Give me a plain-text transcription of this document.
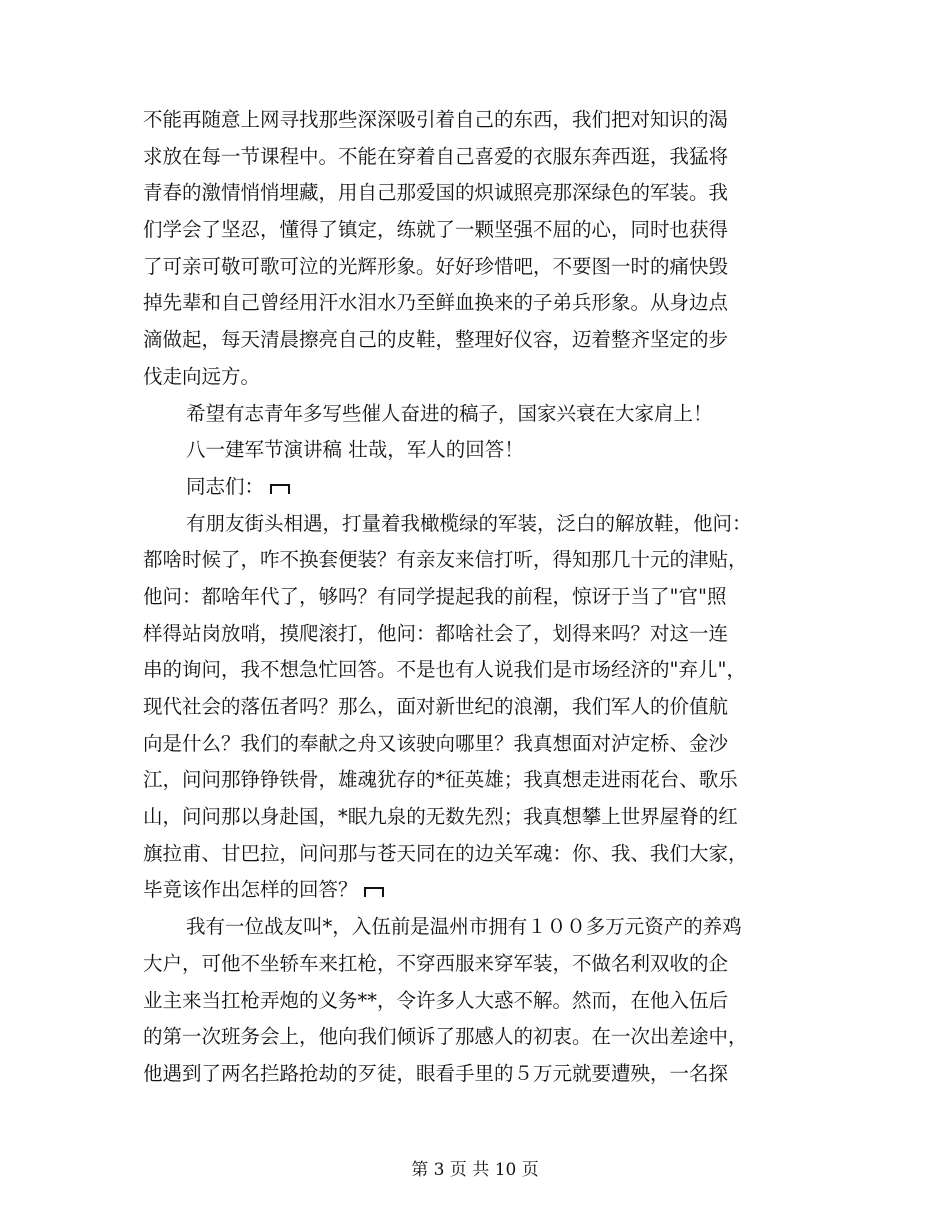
不能再随意上网寻找那些深深吸引着自己的东西，我们把对知识的渴
求放在每一节课程中。不能在穿着自己喜爱的衣服东奔西逛，我猛将
青春的激情悄悄埋藏，用自己那爱国的炽诚照亮那深绿色的军装。我
们学会了坚忍，懂得了镇定，练就了一颗坚强不屈的心，同时也获得
了可亲可敬可歌可泣的光辉形象。好好珍惜吧，不要图一时的痛快毁
掉先辈和自己曾经用汗水泪水乃至鲜血换来的子弟兵形象。从身边点
滴做起，每天清晨擦亮自己的皮鞋，整理好仪容，迈着整齐坚定的步
伐走向远方。
希望有志青年多写些催人奋进的稿子，国家兴衰在大家肩上！
八一建军节演讲稿 壮哉，军人的回答！
同志们：
有朋友街头相遇，打量着我橄榄绿的军装，泛白的解放鞋，他问：
都啥时候了，咋不换套便装？有亲友来信打听，得知那几十元的津贴，
他问：都啥年代了，够吗？有同学提起我的前程，惊讶于当了"官"照
样得站岗放哨，摸爬滚打，他问：都啥社会了，划得来吗？对这一连
串的询问，我不想急忙回答。不是也有人说我们是市场经济的"弃儿"，
现代社会的落伍者吗？那么，面对新世纪的浪潮，我们军人的价值航
向是什么？我们的奉献之舟又该驶向哪里？我真想面对泸定桥、金沙
江，问问那铮铮铁骨，雄魂犹存的*征英雄；我真想走进雨花台、歌乐
山，问问那以身赴国，*眠九泉的无数先烈；我真想攀上世界屋脊的红
旗拉甫、甘巴拉，问问那与苍天同在的边关军魂：你、我、我们大家，
毕竟该作出怎样的回答？
我有一位战友叫*，入伍前是温州市拥有１００多万元资产的养鸡
大户，可他不坐轿车来扛枪，不穿西服来穿军装，不做名利双收的企
业主来当扛枪弄炮的义务**，令许多人大惑不解。然而，在他入伍后
的第一次班务会上，他向我们倾诉了那感人的初衷。在一次出差途中，
他遇到了两名拦路抢劫的歹徒，眼看手里的５万元就要遭殃，一名探
第 3 页 共 10 页
